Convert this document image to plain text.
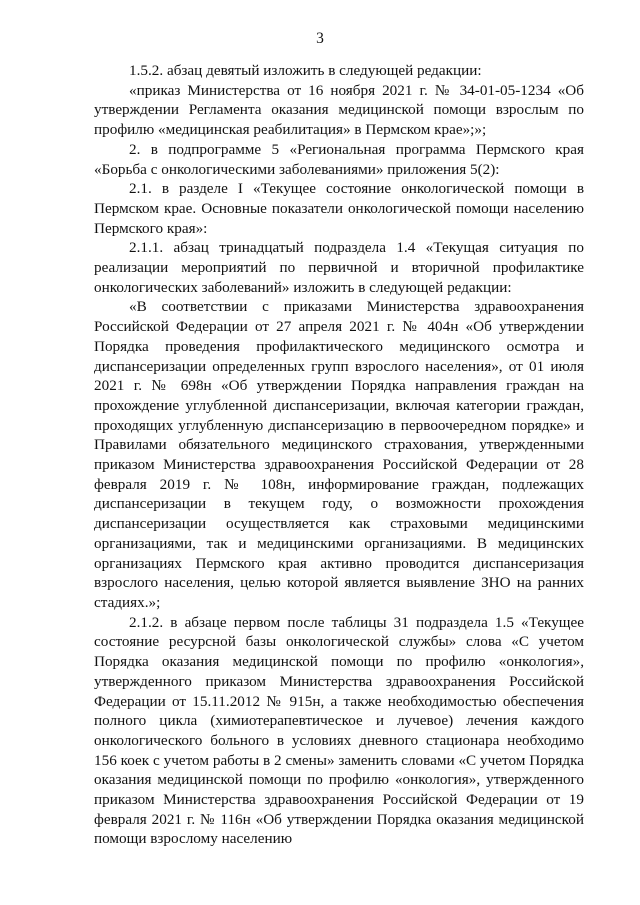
3

1.5.2. абзац девятый изложить в следующей редакции:

«приказ Министерства от 16 ноября 2021 г. № 34-01-05-1234 «Об утверждении Регламента оказания медицинской помощи взрослым по профилю «медицинская реабилитация» в Пермском крае»;»;

2. в подпрограмме 5 «Региональная программа Пермского края «Борьба с онкологическими заболеваниями» приложения 5(2):

2.1. в разделе I «Текущее состояние онкологической помощи в Пермском крае. Основные показатели онкологической помощи населению Пермского края»:

2.1.1. абзац тринадцатый подраздела 1.4 «Текущая ситуация по реализации мероприятий по первичной и вторичной профилактике онкологических заболеваний» изложить в следующей редакции:

«В соответствии с приказами Министерства здравоохранения Российской Федерации от 27 апреля 2021 г. № 404н «Об утверждении Порядка проведения профилактического медицинского осмотра и диспансеризации определенных групп взрослого населения», от 01 июля 2021 г. № 698н «Об утверждении Порядка направления граждан на прохождение углубленной диспансеризации, включая категории граждан, проходящих углубленную диспансеризацию в первоочередном порядке» и Правилами обязательного медицинского страхования, утвержденными приказом Министерства здравоохранения Российской Федерации от 28 февраля 2019 г. № 108н, информирование граждан, подлежащих диспансеризации в текущем году, о возможности прохождения диспансеризации осуществляется как страховыми медицинскими организациями, так и медицинскими организациями. В медицинских организациях Пермского края активно проводится диспансеризация взрослого населения, целью которой является выявление ЗНО на ранних стадиях.»;

2.1.2. в абзаце первом после таблицы 31 подраздела 1.5 «Текущее состояние ресурсной базы онкологической службы» слова «С учетом Порядка оказания медицинской помощи по профилю «онкология», утвержденного приказом Министерства здравоохранения Российской Федерации от 15.11.2012 № 915н, а также необходимостью обеспечения полного цикла (химиотерапевтическое и лучевое) лечения каждого онкологического больного в условиях дневного стационара необходимо 156 коек с учетом работы в 2 смены» заменить словами «С учетом Порядка оказания медицинской помощи по профилю «онкология», утвержденного приказом Министерства здравоохранения Российской Федерации от 19 февраля 2021 г. № 116н «Об утверждении Порядка оказания медицинской помощи взрослому населению
